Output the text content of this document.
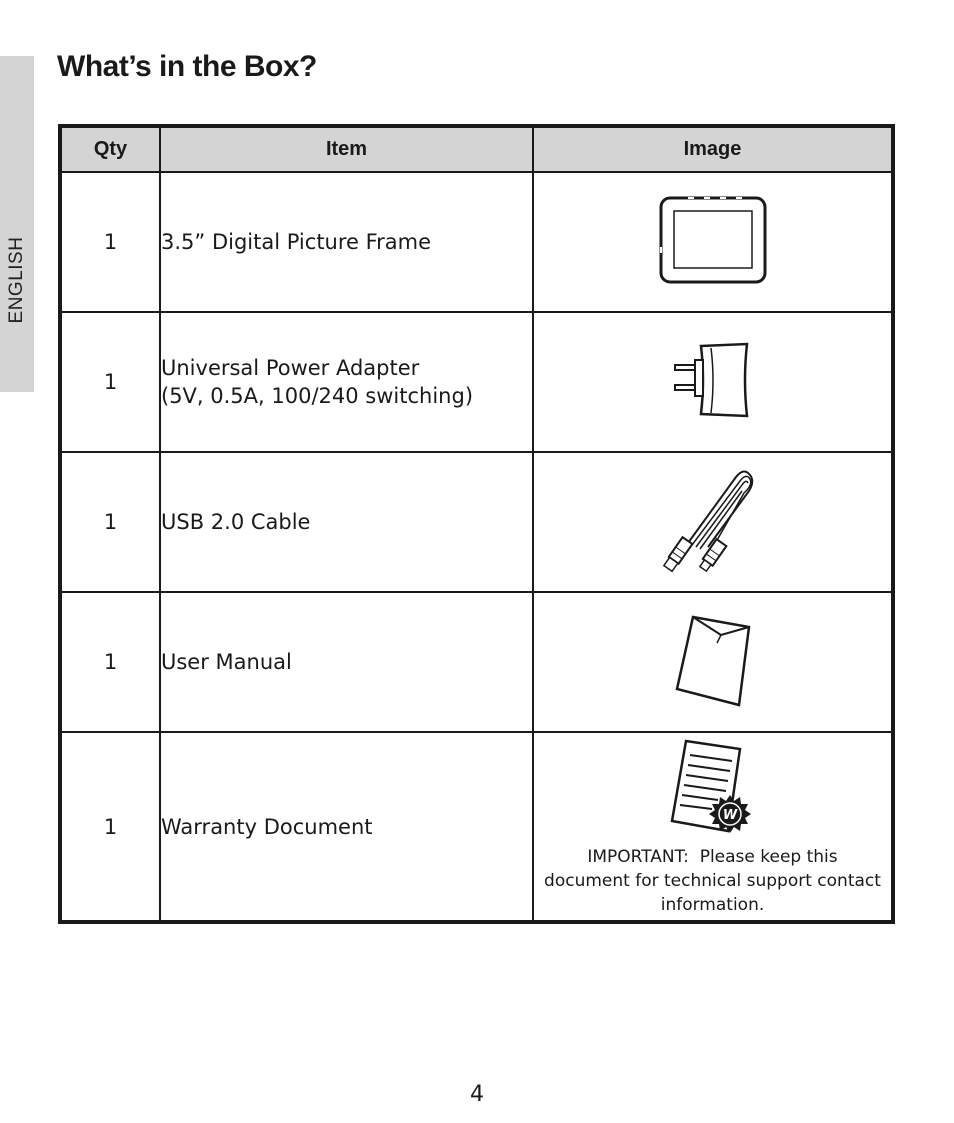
ENGLISH
What’s in the Box?
Qty	Item	Image
1	3.5” Digital Picture Frame	
1	Universal Power Adapter
(5V, 0.5A, 100/240 switching)

1	USB 2.0 Cable	
1	User Manual	
1	Warranty Document	W
IMPORTANT:  Please keep this
document for technical support contact
information.
4
